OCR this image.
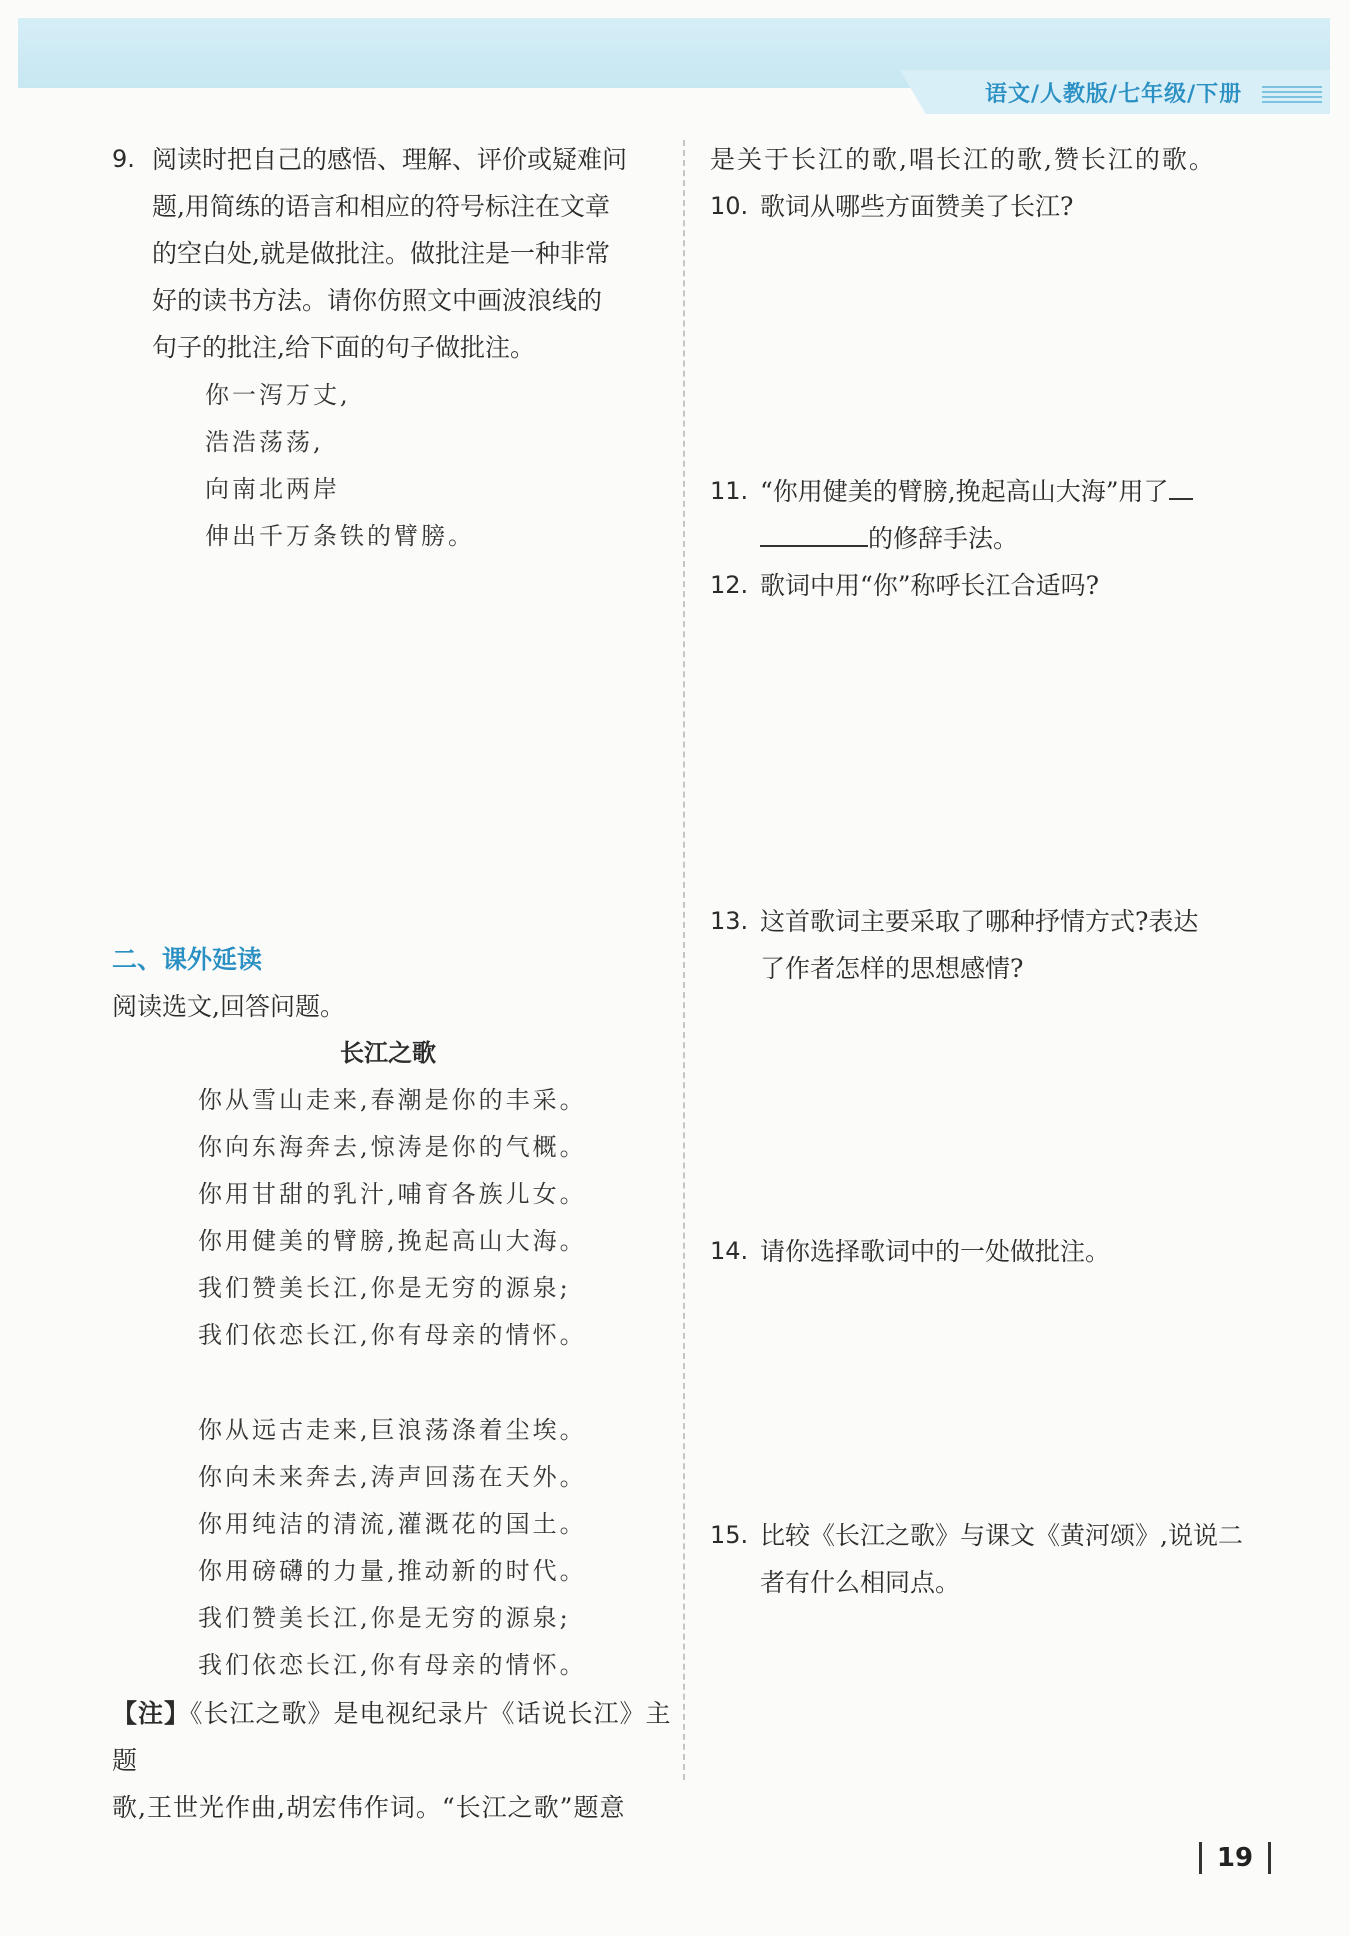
语文/人教版/七年级/下册
9. 阅读时把自己的感悟、理解、评价或疑难问
题,用简练的语言和相应的符号标注在文章
的空白处,就是做批注。做批注是一种非常
好的读书方法。请你仿照文中画波浪线的
句子的批注,给下面的句子做批注。
你一泻万丈,
浩浩荡荡,
向南北两岸
伸出千万条铁的臂膀。
二、课外延读
阅读选文,回答问题。
长江之歌
你从雪山走来,春潮是你的丰采。
你向东海奔去,惊涛是你的气概。
你用甘甜的乳汁,哺育各族儿女。
你用健美的臂膀,挽起高山大海。
我们赞美长江,你是无穷的源泉;
我们依恋长江,你有母亲的情怀。
你从远古走来,巨浪荡涤着尘埃。
你向未来奔去,涛声回荡在天外。
你用纯洁的清流,灌溉花的国土。
你用磅礴的力量,推动新的时代。
我们赞美长江,你是无穷的源泉;
我们依恋长江,你有母亲的情怀。
【注】《长江之歌》是电视纪录片《话说长江》主题
歌,王世光作曲,胡宏伟作词。“长江之歌”题意
是关于长江的歌,唱长江的歌,赞长江的歌。
10. 歌词从哪些方面赞美了长江?
11. “你用健美的臂膀,挽起高山大海”用了
的修辞手法。
12. 歌词中用“你”称呼长江合适吗?
13. 这首歌词主要采取了哪种抒情方式?表达
了作者怎样的思想感情?
14. 请你选择歌词中的一处做批注。
15. 比较《长江之歌》与课文《黄河颂》,说说二
者有什么相同点。
19
